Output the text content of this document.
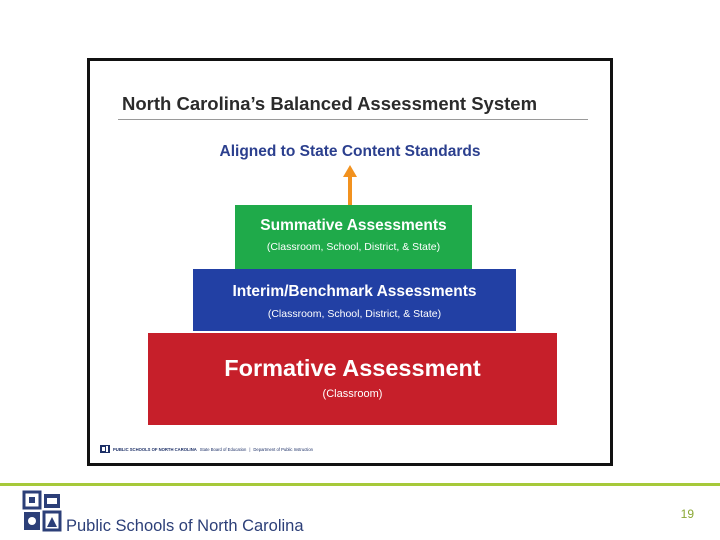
North Carolina’s Balanced Assessment System
Aligned to State Content Standards
Summative Assessments
(Classroom, School, District, & State)
Interim/Benchmark Assessments
(Classroom, School, District, & State)
Formative Assessment
(Classroom)
PUBLIC SCHOOLS OF NORTH CAROLINA State Board of Education | Department of Public Instruction
Public Schools of North Carolina
19
